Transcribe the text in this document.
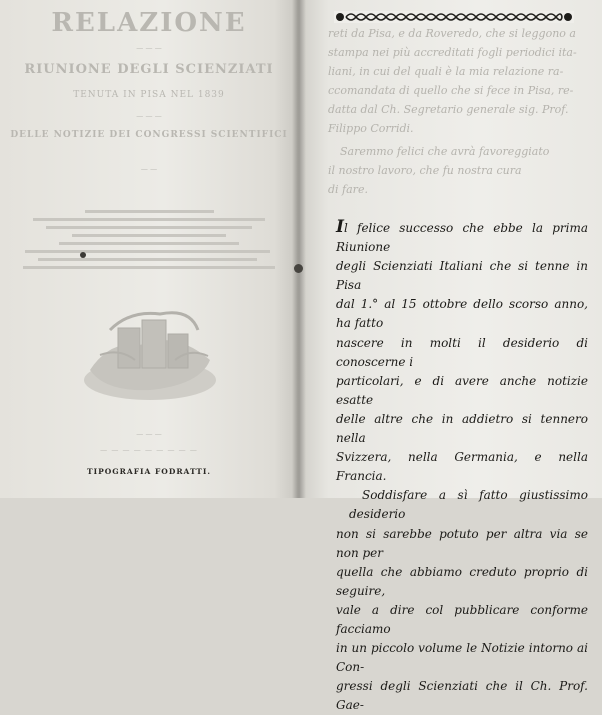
RELAZIONE
— — —
RIUNIONE DEGLI SCIENZIATI
TENUTA IN PISA NEL 1839
— — —
DELLE NOTIZIE DEI CONGRESSI SCIENTIFICI
— —
— — —
— — — — — — — — —
TIPOGRAFIA FODRATTI.
reti da Pisa, e da Roveredo, che si leggono a
stampa nei più accreditati fogli periodici ita-
liani, in cui del quali è la mia relazione ra-
ccomandata di quello che si fece in Pisa, re-
datta dal Ch. Segretario generale sig. Prof.
Filippo Corridi.
Saremmo felici che avrà favoreggiato
il nostro lavoro, che fu nostra cura
di fare.

Il felice successo che ebbe la prima Riunione
degli Scienziati Italiani che si tenne in Pisa
dal 1.° al 15 ottobre dello scorso anno, ha fatto
nascere in molti il desiderio di conoscerne i
particolari, e di avere anche notizie esatte
delle altre che in addietro si tennero nella
Svizzera, nella Germania, e nella Francia.

Soddisfare a sì fatto giustissimo desiderio
non si sarebbe potuto per altra via se non per
quella che abbiamo creduto proprio di seguire,
vale a dire col pubblicare conforme facciamo
in un piccolo volume le Notizie intorno ai Con-
gressi degli Scienziati che il Ch. Prof. Gae-
